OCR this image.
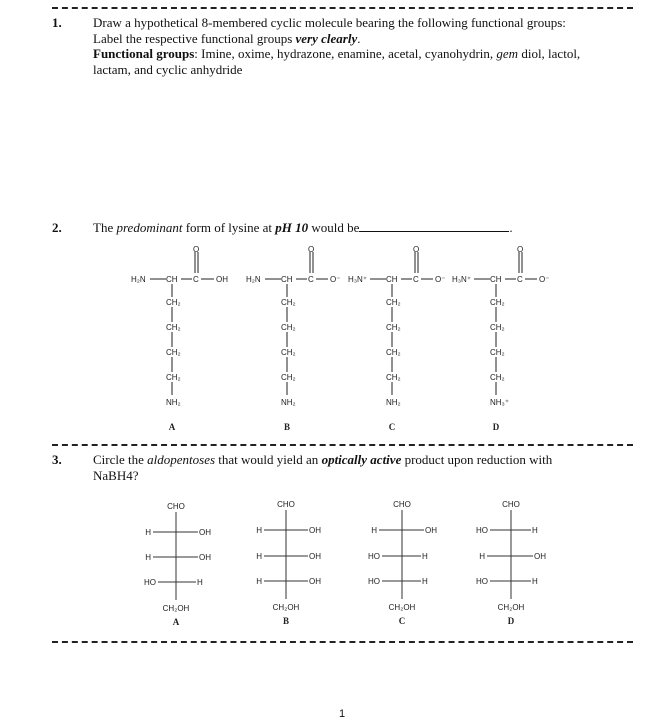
1. Draw a hypothetical 8-membered cyclic molecule bearing the following functional groups:
Label the respective functional groups very clearly.
Functional groups: Imine, oxime, hydrazone, enamine, acetal, cyanohydrin, gem diol, lactol,
lactam, and cyclic anhydride
2. The predominant form of lysine at pH 10 would be	.
O
H₂N	CH C OH
CH₂
CH₂
CH₂
CH₂
NH₂
A
O
H₂N	CH C O⁻
CH₂
CH₂
CH₂
CH₂
NH₂
B
O
H₃N⁺ CH C O⁻
CH₂
CH₂
CH₂
CH₂
NH₂
C
O
H₃N⁺ CH C O⁻
CH₂
CH₂
CH₂
CH₂
NH₃⁺
D
3. Circle the aldopentoses that would yield an optically active product upon reduction with
NaBH4?
CHO
H	OH
H	OH
HO	H
CH₂OH
A
CHO
H	OH
H	OH
H	OH
CH₂OH
B
CHO
H	OH
HO	H
HO	H
CH₂OH
C
CHO
HO	H
H	OH
HO	H
CH₂OH
D
1
